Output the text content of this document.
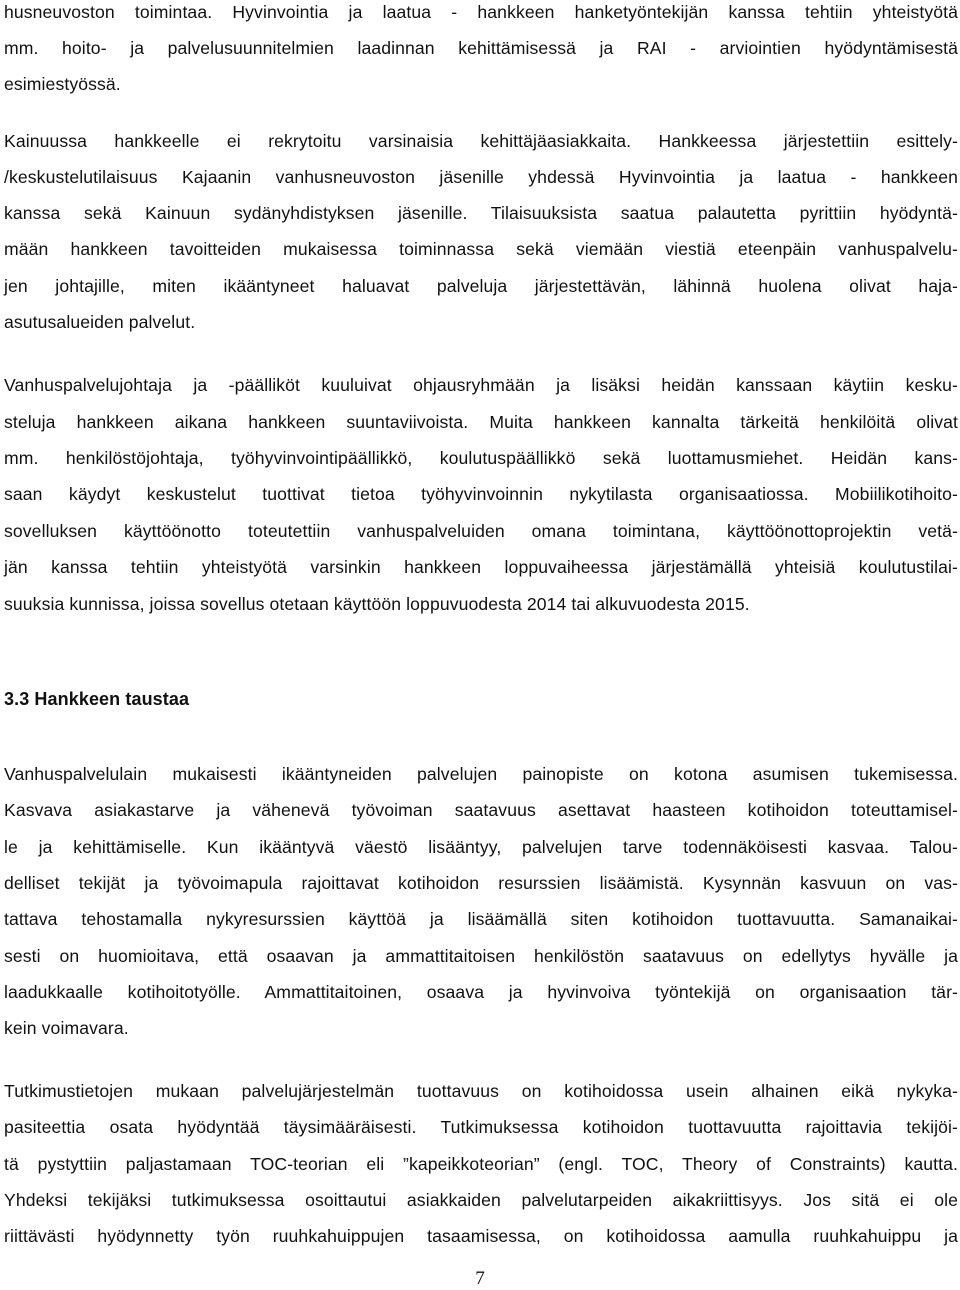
husneuvoston toimintaa. Hyvinvointia ja laatua - hankkeen hanketyöntekijän kanssa tehtiin yhteistyötä
mm. hoito- ja palvelusuunnitelmien laadinnan kehittämisessä ja RAI - arviointien hyödyntämisestä
esimiestyössä.
Kainuussa hankkeelle ei rekrytoitu varsinaisia kehittäjäasiakkaita. Hankkeessa järjestettiin esittely-
/keskustelutilaisuus Kajaanin vanhusneuvoston jäsenille yhdessä Hyvinvointia ja laatua - hankkeen
kanssa sekä Kainuun sydänyhdistyksen jäsenille. Tilaisuuksista saatua palautetta pyrittiin hyödyntä-
mään hankkeen tavoitteiden mukaisessa toiminnassa sekä viemään viestiä eteenpäin vanhuspalvelu-
jen johtajille, miten ikääntyneet haluavat palveluja järjestettävän, lähinnä huolena olivat haja-
asutusalueiden palvelut.
Vanhuspalvelujohtaja ja -päälliköt kuuluivat ohjausryhmään ja lisäksi heidän kanssaan käytiin kesku-
steluja hankkeen aikana hankkeen suuntaviivoista. Muita hankkeen kannalta tärkeitä henkilöitä olivat
mm. henkilöstöjohtaja, työhyvinvointipäällikkö, koulutuspäällikkö sekä luottamusmiehet. Heidän kans-
saan käydyt keskustelut tuottivat tietoa työhyvinvoinnin nykytilasta organisaatiossa. Mobiilikotihoito-
sovelluksen käyttöönotto toteutettiin vanhuspalveluiden omana toimintana, käyttöönottoprojektin vetä-
jän kanssa tehtiin yhteistyötä varsinkin hankkeen loppuvaiheessa järjestämällä yhteisiä koulutustilai-
suuksia kunnissa, joissa sovellus otetaan käyttöön loppuvuodesta 2014 tai alkuvuodesta 2015.
3.3 Hankkeen taustaa
Vanhuspalvelulain mukaisesti ikääntyneiden palvelujen painopiste on kotona asumisen tukemisessa.
Kasvava asiakastarve ja vähenevä työvoiman saatavuus asettavat haasteen kotihoidon toteuttamisel-
le ja kehittämiselle. Kun ikääntyvä väestö lisääntyy, palvelujen tarve todennäköisesti kasvaa. Talou-
delliset tekijät ja työvoimapula rajoittavat kotihoidon resurssien lisäämistä. Kysynnän kasvuun on vas-
tattava tehostamalla nykyresurssien käyttöä ja lisäämällä siten kotihoidon tuottavuutta. Samanaikai-
sesti on huomioitava, että osaavan ja ammattitaitoisen henkilöstön saatavuus on edellytys hyvälle ja
laadukkaalle kotihoitotyölle. Ammattitaitoinen, osaava ja hyvinvoiva työntekijä on organisaation tär-
kein voimavara.
Tutkimustietojen mukaan palvelujärjestelmän tuottavuus on kotihoidossa usein alhainen eikä nykyka-
pasiteettia osata hyödyntää täysimääräisesti. Tutkimuksessa kotihoidon tuottavuutta rajoittavia tekijöi-
tä pystyttiin paljastamaan TOC-teorian eli ”kapeikkoteorian” (engl. TOC, Theory of Constraints) kautta.
Yhdeksi tekijäksi tutkimuksessa osoittautui asiakkaiden palvelutarpeiden aikakriittisyys. Jos sitä ei ole
riittävästi hyödynnetty työn ruuhkahuippujen tasaamisessa, on kotihoidossa aamulla ruuhkahuippu ja
7
